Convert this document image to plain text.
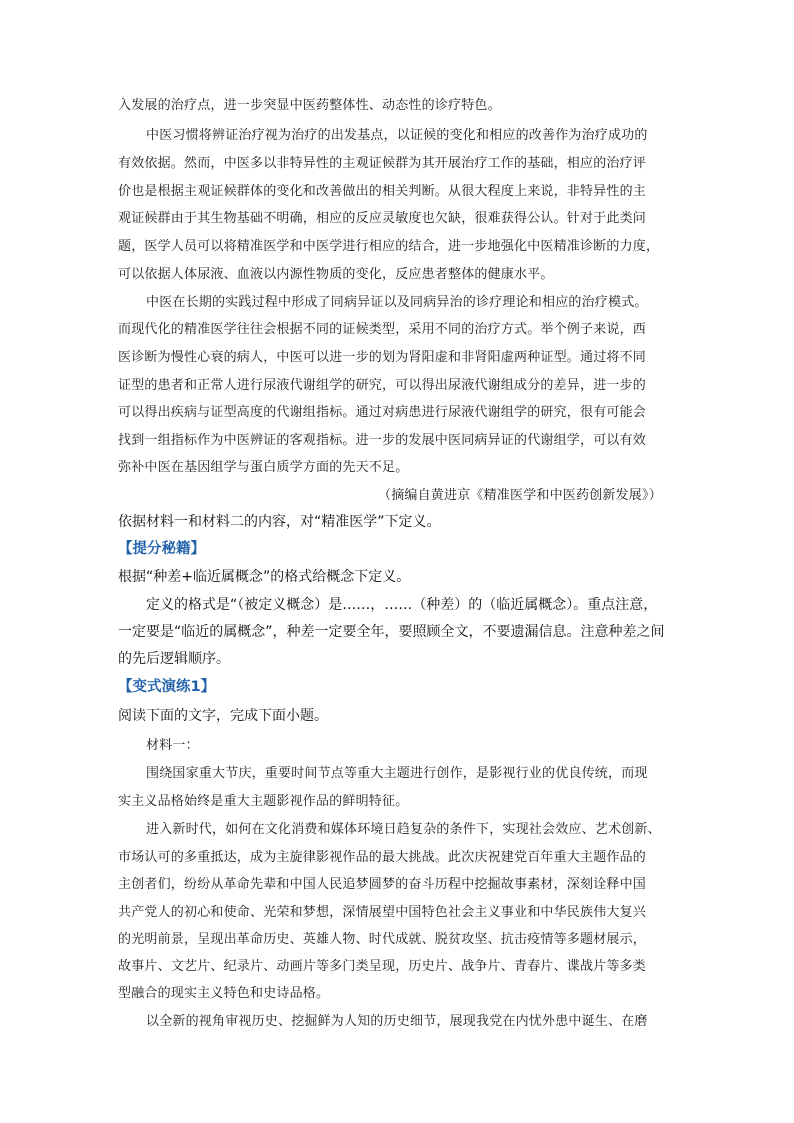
入发展的治疗点，进一步突显中医药整体性、动态性的诊疗特色。
中医习惯将辨证治疗视为治疗的出发基点，以证候的变化和相应的改善作为治疗成功的
有效依据。然而，中医多以非特异性的主观证候群为其开展治疗工作的基础，相应的治疗评
价也是根据主观证候群体的变化和改善做出的相关判断。从很大程度上来说，非特异性的主
观证候群由于其生物基础不明确，相应的反应灵敏度也欠缺，很难获得公认。针对于此类问
题，医学人员可以将精准医学和中医学进行相应的结合，进一步地强化中医精准诊断的力度，
可以依据人体尿液、血液以内源性物质的变化，反应患者整体的健康水平。
中医在长期的实践过程中形成了同病异证以及同病异治的诊疗理论和相应的治疗模式。
而现代化的精准医学往往会根据不同的证候类型，采用不同的治疗方式。举个例子来说，西
医诊断为慢性心衰的病人，中医可以进一步的划为肾阳虚和非肾阳虚两种证型。通过将不同
证型的患者和正常人进行尿液代谢组学的研究，可以得出尿液代谢组成分的差异，进一步的
可以得出疾病与证型高度的代谢组指标。通过对病患进行尿液代谢组学的研究，很有可能会
找到一组指标作为中医辨证的客观指标。进一步的发展中医同病异证的代谢组学，可以有效
弥补中医在基因组学与蛋白质学方面的先天不足。
（摘编自黄进京《精准医学和中医药创新发展》）
依据材料一和材料二的内容，对“精准医学”下定义。
【提分秘籍】
根据“种差+临近属概念”的格式给概念下定义。
定义的格式是“（被定义概念）是……，……（种差）的（临近属概念）。重点注意，
一定要是“临近的属概念”，种差一定要全年，要照顾全文，不要遗漏信息。注意种差之间
的先后逻辑顺序。
【变式演练1】
阅读下面的文字，完成下面小题。
材料一：
围绕国家重大节庆，重要时间节点等重大主题进行创作，是影视行业的优良传统，而现
实主义品格始终是重大主题影视作品的鲜明特征。
进入新时代，如何在文化消费和媒体环境日趋复杂的条件下，实现社会效应、艺术创新、
市场认可的多重抵达，成为主旋律影视作品的最大挑战。此次庆祝建党百年重大主题作品的
主创者们，纷纷从革命先辈和中国人民追梦圆梦的奋斗历程中挖掘故事素材，深刻诠释中国
共产党人的初心和使命、光荣和梦想，深情展望中国特色社会主义事业和中华民族伟大复兴
的光明前景，呈现出革命历史、英雄人物、时代成就、脱贫攻坚、抗击疫情等多题材展示，
故事片、文艺片、纪录片、动画片等多门类呈现，历史片、战争片、青春片、谍战片等多类
型融合的现实主义特色和史诗品格。
以全新的视角审视历史、挖掘鲜为人知的历史细节，展现我党在内忧外患中诞生、在磨
